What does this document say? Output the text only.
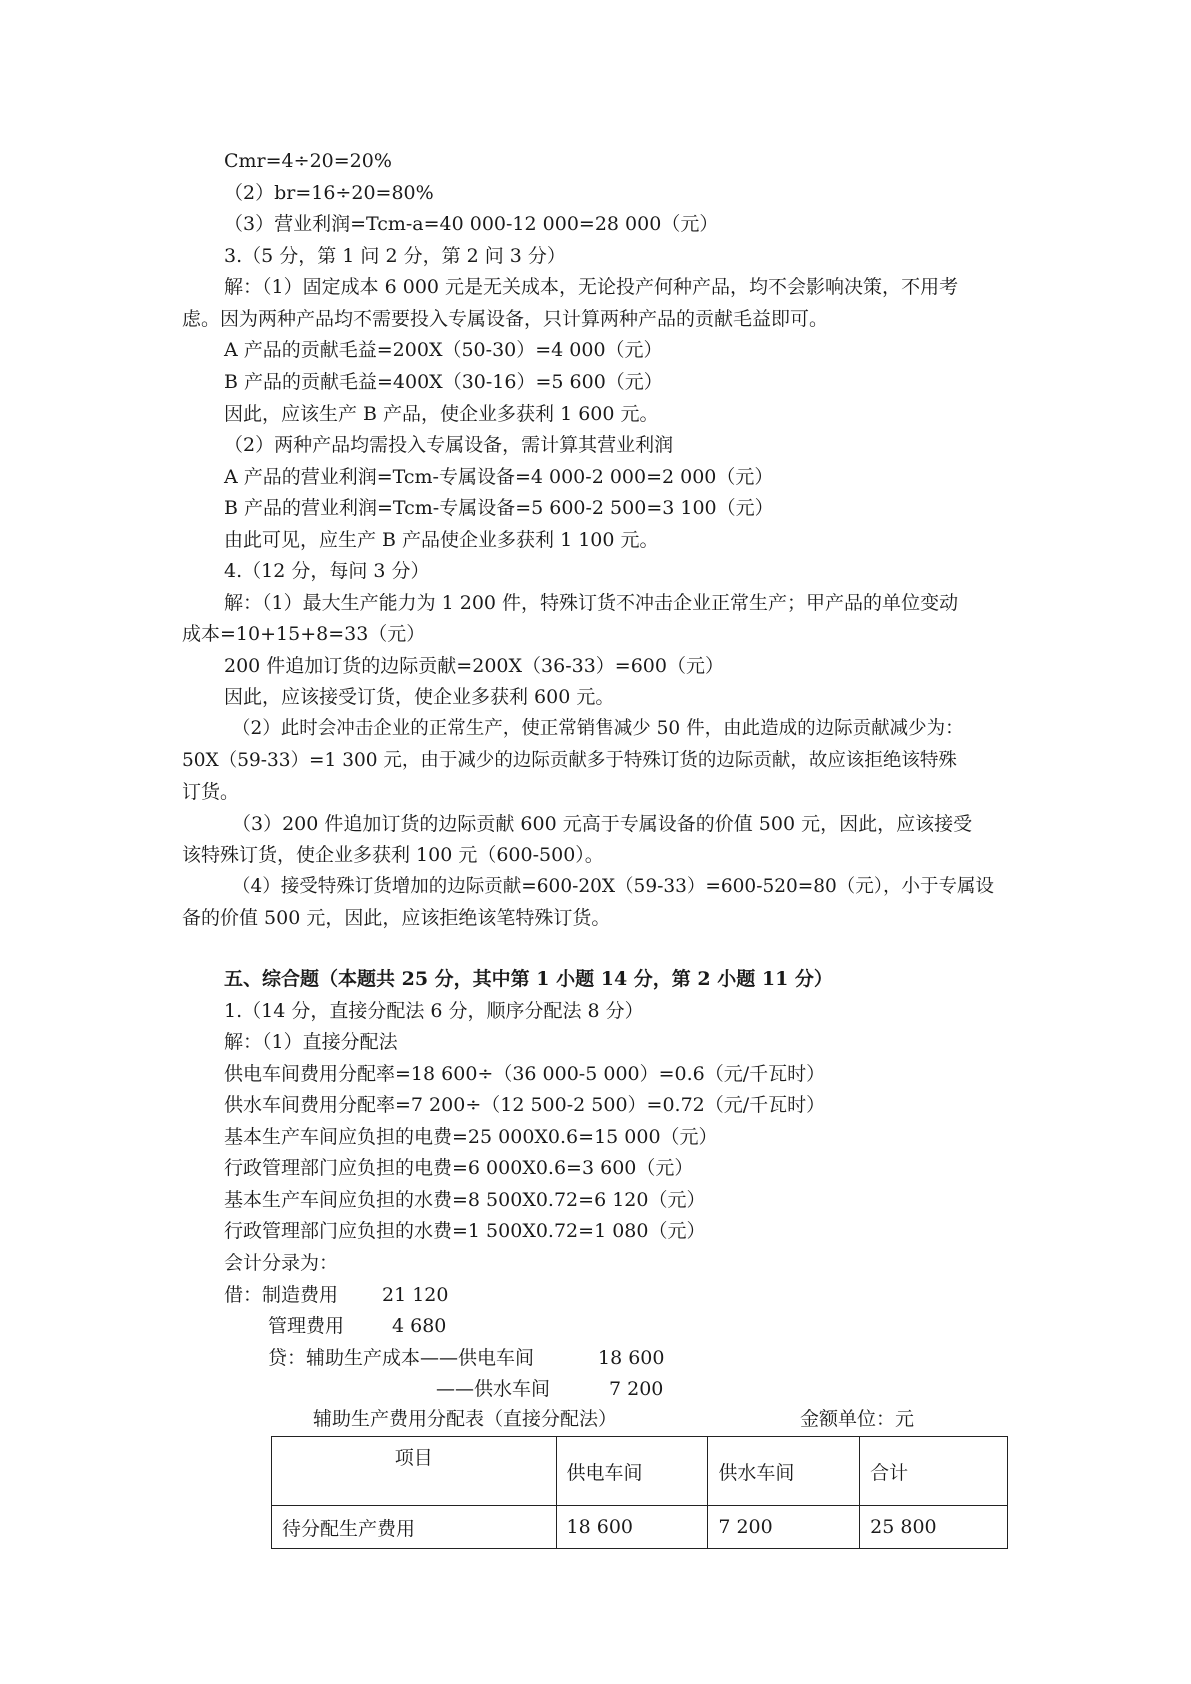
Cmr=4÷20=20%
（2）br=16÷20=80%
（3）营业利润=Tcm-a=40 000-12 000=28 000（元）
3.（5 分，第 1 问 2 分，第 2 问 3 分）
解：（1）固定成本 6 000 元是无关成本，无论投产何种产品，均不会影响决策，不用考
虑。因为两种产品均不需要投入专属设备，只计算两种产品的贡献毛益即可。
A 产品的贡献毛益=200X（50-30）=4 000（元）
B 产品的贡献毛益=400X（30-16）=5 600（元）
因此，应该生产 B 产品，使企业多获利 1 600 元。
（2）两种产品均需投入专属设备，需计算其营业利润
A 产品的营业利润=Tcm-专属设备=4 000-2 000=2 000（元）
B 产品的营业利润=Tcm-专属设备=5 600-2 500=3 100（元）
由此可见，应生产 B 产品使企业多获利 1 100 元。
4.（12 分，每问 3 分）
解：（1）最大生产能力为 1 200 件，特殊订货不冲击企业正常生产；甲产品的单位变动
成本=10+15+8=33（元）
200 件追加订货的边际贡献=200X（36-33）=600（元）
因此，应该接受订货，使企业多获利 600 元。
（2）此时会冲击企业的正常生产，使正常销售减少 50 件，由此造成的边际贡献减少为：
50X（59-33）=1 300 元，由于减少的边际贡献多于特殊订货的边际贡献，故应该拒绝该特殊
订货。
（3）200 件追加订货的边际贡献 600 元高于专属设备的价值 500 元，因此，应该接受
该特殊订货，使企业多获利 100 元（600-500）。
（4）接受特殊订货增加的边际贡献=600-20X（59-33）=600-520=80（元），小于专属设
备的价值 500 元，因此，应该拒绝该笔特殊订货。
五、综合题（本题共 25 分，其中第 1 小题 14 分，第 2 小题 11 分）
1.（14 分，直接分配法 6 分，顺序分配法 8 分）
解：（1）直接分配法
供电车间费用分配率=18 600÷（36 000-5 000）=0.6（元/千瓦时）
供水车间费用分配率=7 200÷（12 500-2 500）=0.72（元/千瓦时）
基本生产车间应负担的电费=25 000X0.6=15 000（元）
行政管理部门应负担的电费=6 000X0.6=3 600（元）
基本生产车间应负担的水费=8 500X0.72=6 120（元）
行政管理部门应负担的水费=1 500X0.72=1 080（元）
会计分录为：
借：制造费用 21 120
管理费用	4 680
贷：辅助生产成本——供电车间	18 600
——供水车间	7 200
辅助生产费用分配表（直接分配法）	金额单位：元
项目	供电车间	供水车间	合计
待分配生产费用	18 600	7 200	25 800
